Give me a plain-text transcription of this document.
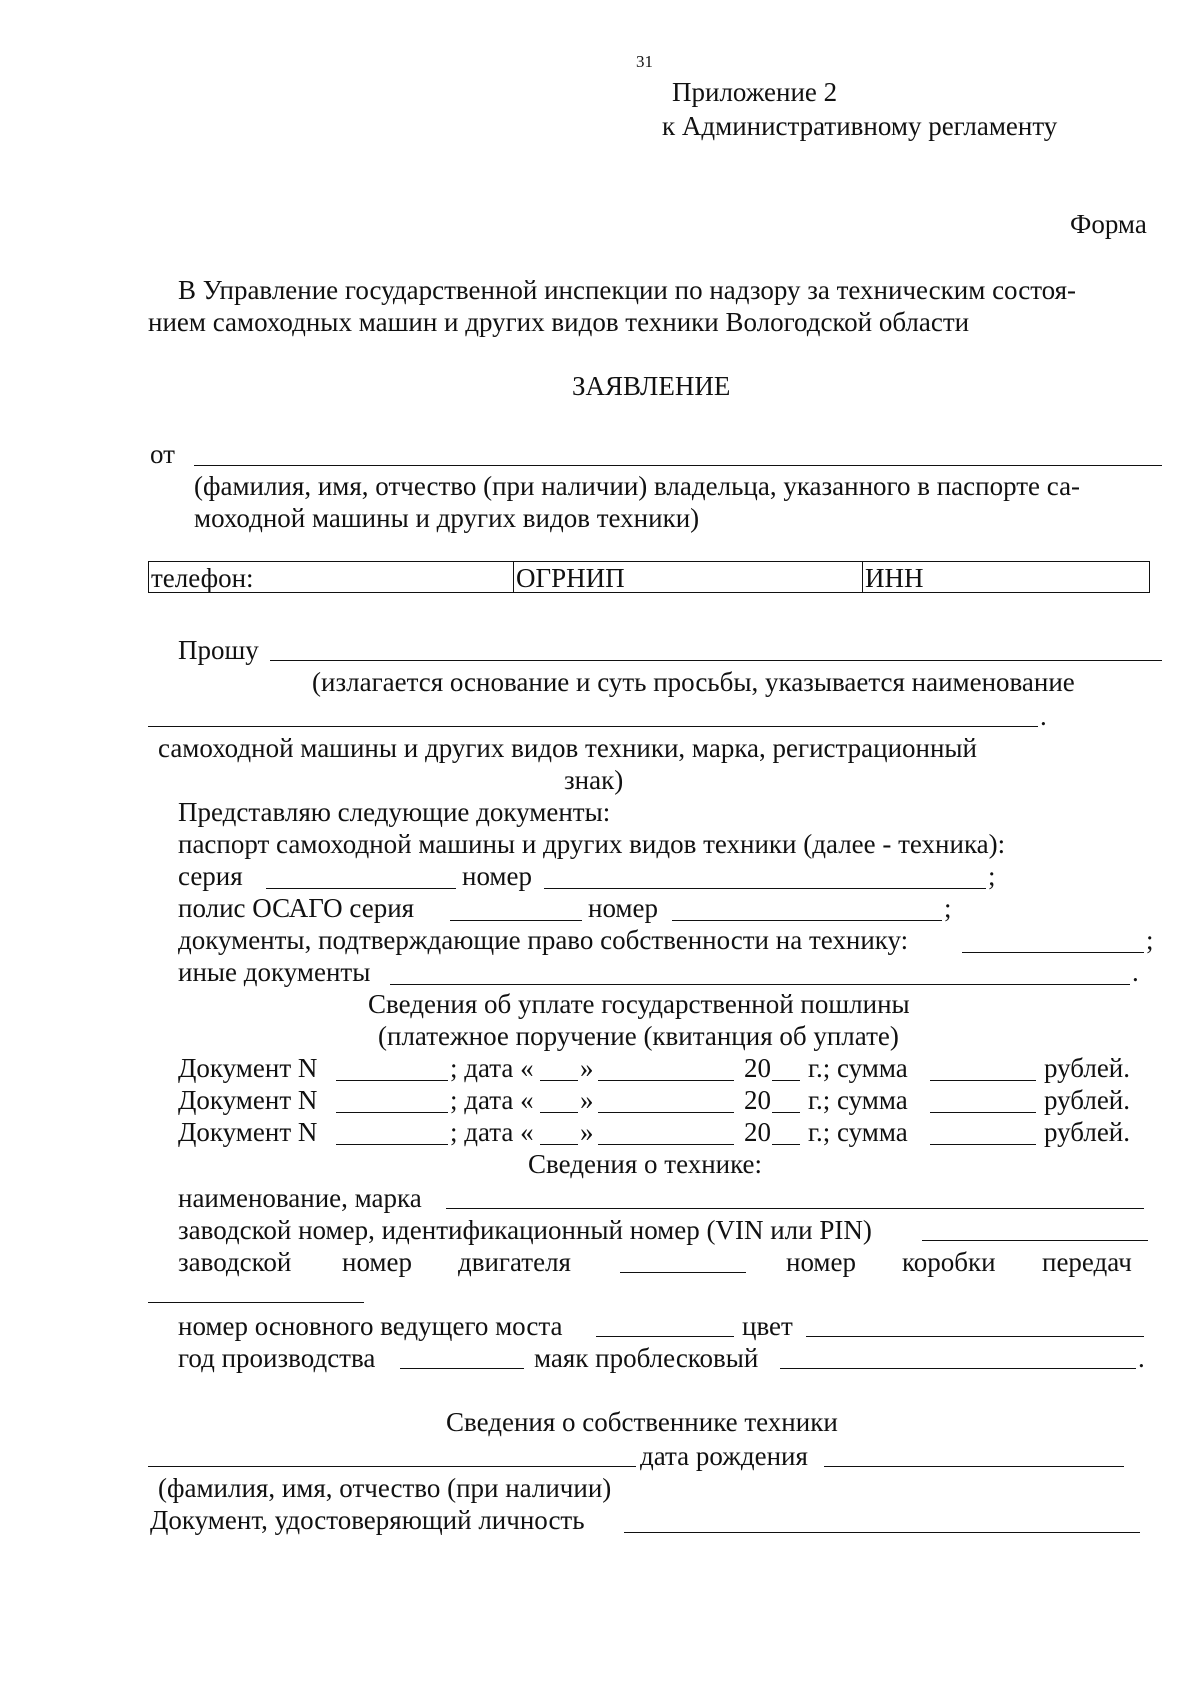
31
Приложение 2
к Административному регламенту
Форма
В Управление государственной инспекции по надзору за техническим состоя-
нием самоходных машин и других видов техники Вологодской области
ЗАЯВЛЕНИЕ
от
(фамилия, имя, отчество (при наличии) владельца, указанного в паспорте са-
моходной машины и других видов техники)
телефон:	ОГРНИП	ИНН
Прошу
(излагается основание и суть просьбы, указывается наименование
.
самоходной машины и других видов техники, марка, регистрационный
знак)
Представляю следующие документы:
паспорт самоходной машины и других видов техники (далее - техника):
серия	номер	;
полис ОСАГО серия	номер	;
документы, подтверждающие право собственности на технику:	;
иные документы	.
Сведения об уплате государственной пошлины
(платежное поручение (квитанция об уплате)
Документ N	; дата « »	20 г.; сумма	рублей.
Документ N	; дата « »	20 г.; сумма	рублей.
Документ N	; дата « »	20 г.; сумма	рублей.
Сведения о технике:
наименование, марка
заводской номер, идентификационный номер (VIN или PIN)
заводской номер двигателя	номер коробки передач
номер основного ведущего моста	цвет
год производства	маяк проблесковый	.
Сведения о собственнике техники
дата рождения
(фамилия, имя, отчество (при наличии)
Документ, удостоверяющий личность
